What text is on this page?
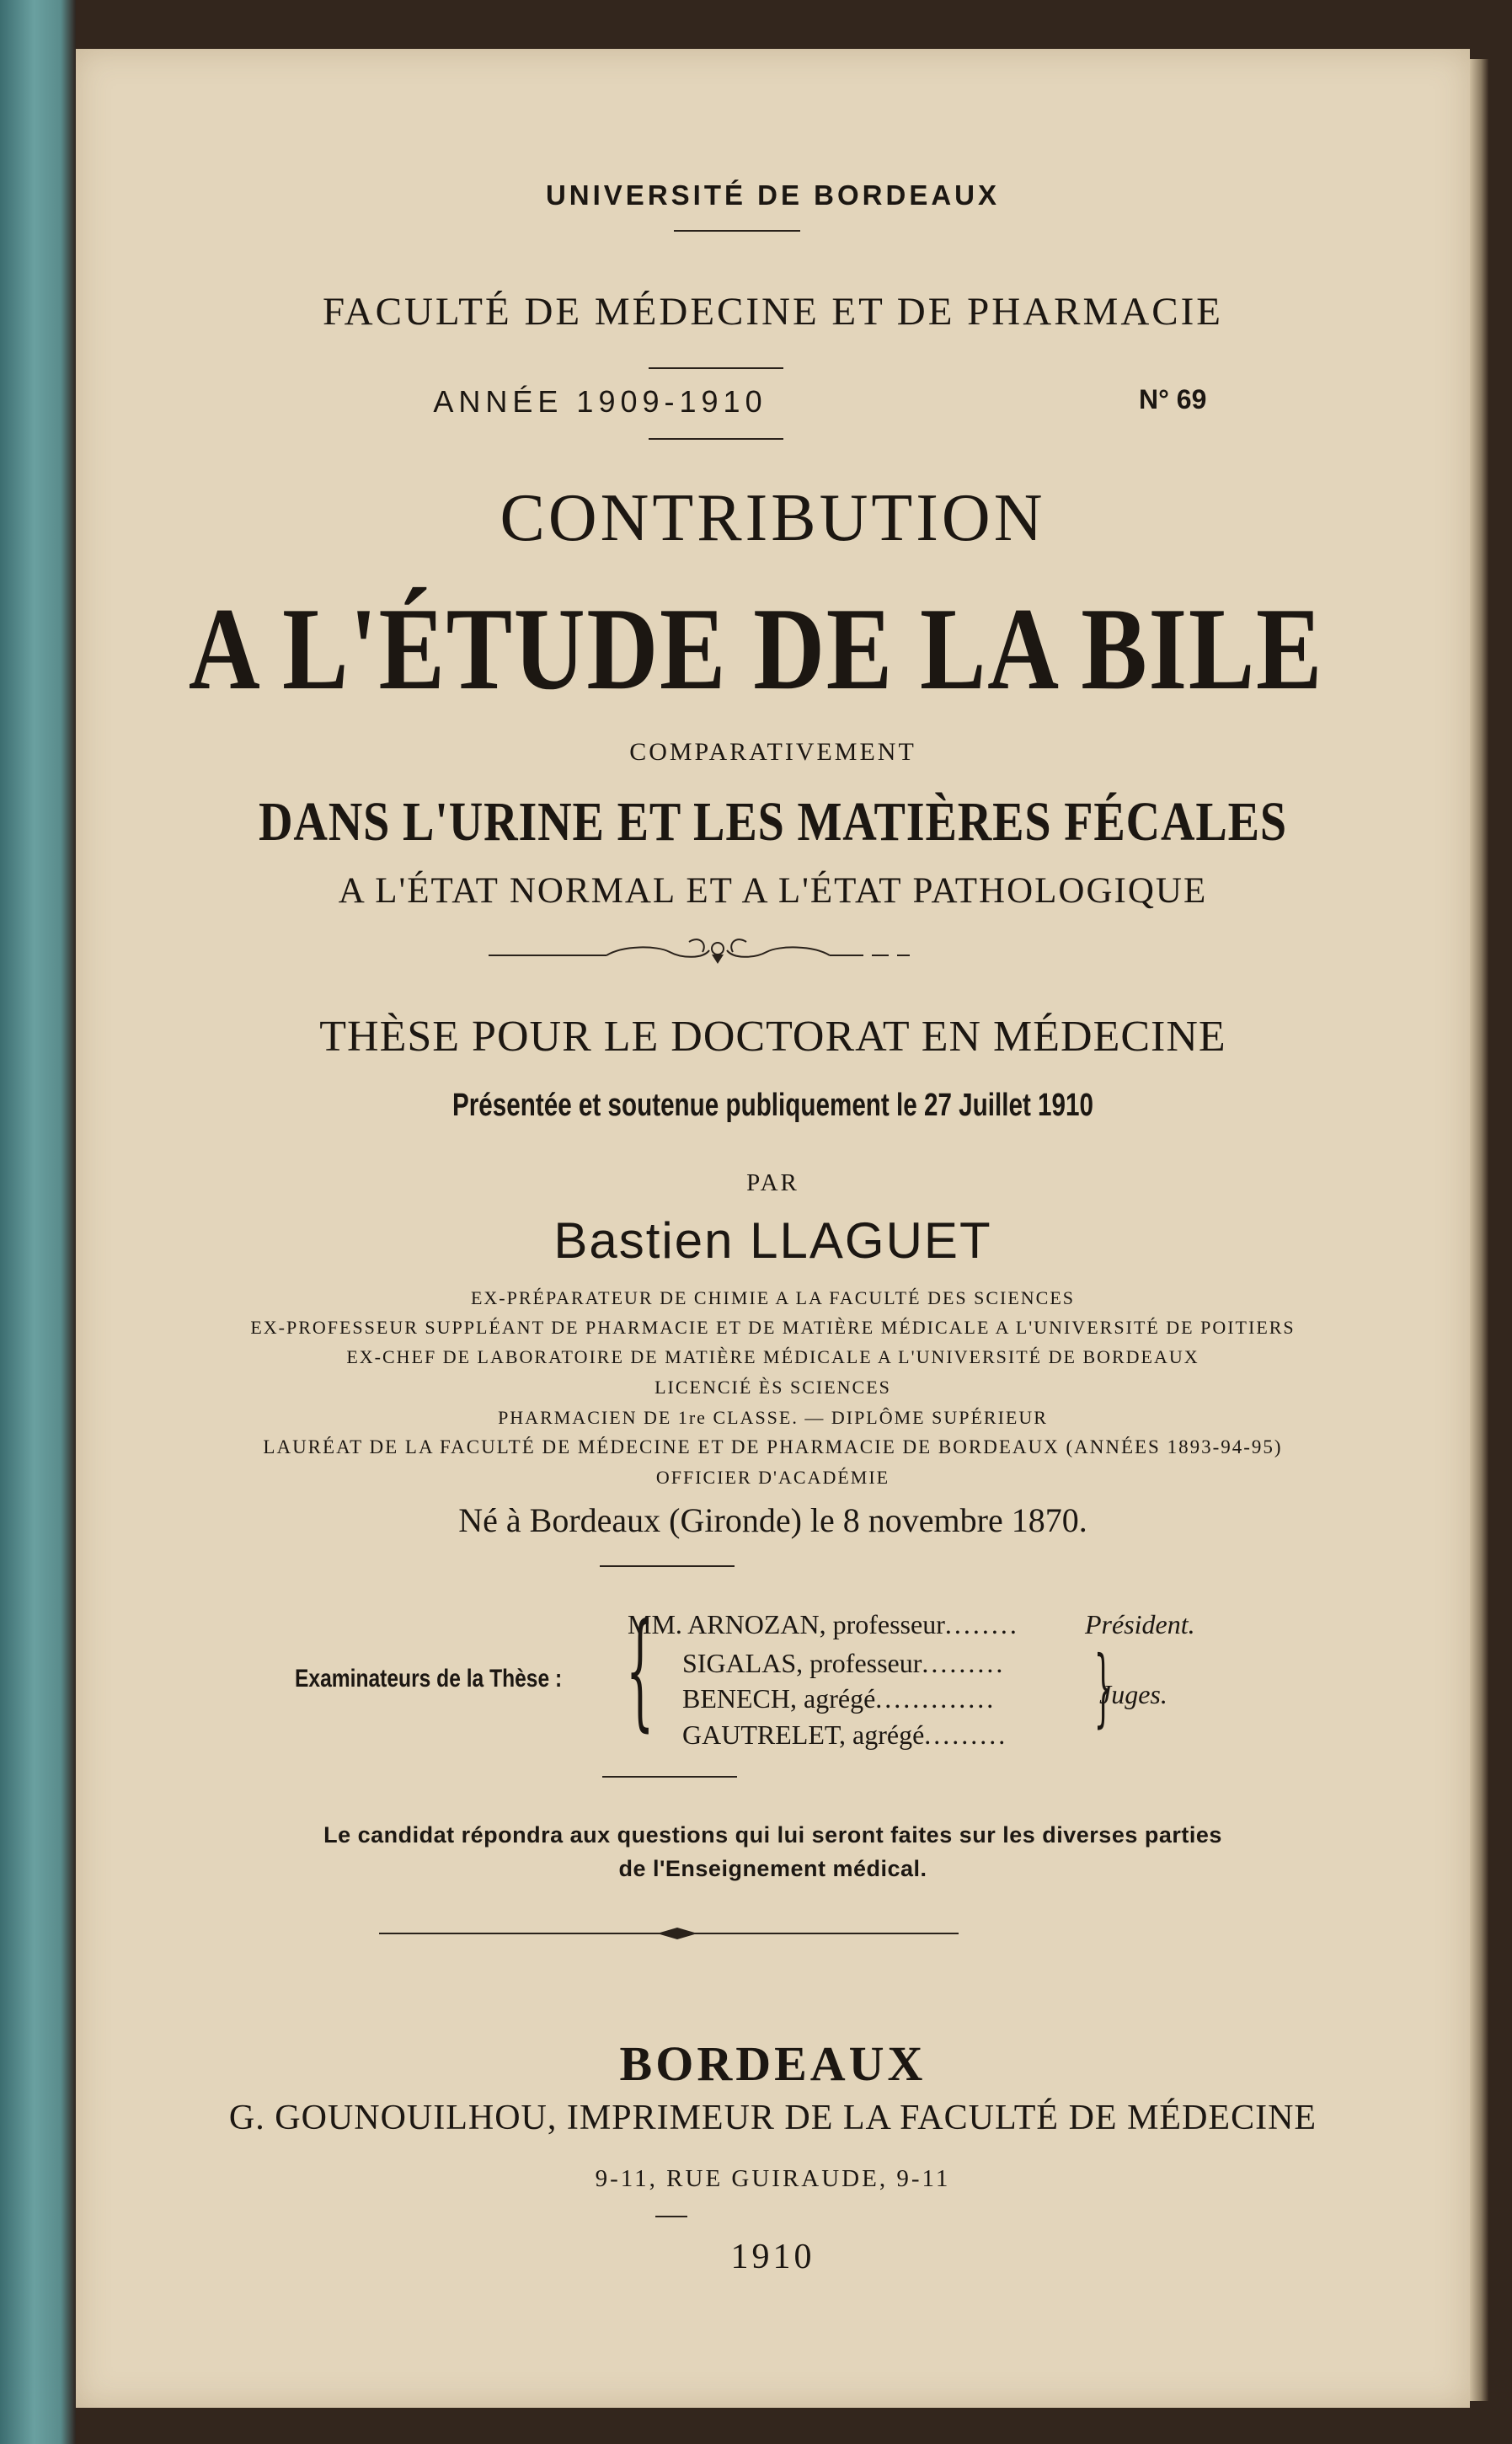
UNIVERSITÉ DE BORDEAUX
FACULTÉ DE MÉDECINE ET DE PHARMACIE
ANNÉE 1909-1910	N° 69
CONTRIBUTION
A L'ÉTUDE DE LA BILE
COMPARATIVEMENT
DANS L'URINE ET LES MATIÈRES FÉCALES
A L'ÉTAT NORMAL ET A L'ÉTAT PATHOLOGIQUE
THÈSE POUR LE DOCTORAT EN MÉDECINE
Présentée et soutenue publiquement le 27 Juillet 1910
PAR
Bastien LLAGUET
EX-PRÉPARATEUR DE CHIMIE A LA FACULTÉ DES SCIENCES
EX-PROFESSEUR SUPPLÉANT DE PHARMACIE ET DE MATIÈRE MÉDICALE A L'UNIVERSITÉ DE POITIERS
EX-CHEF DE LABORATOIRE DE MATIÈRE MÉDICALE A L'UNIVERSITÉ DE BORDEAUX
LICENCIÉ ÈS SCIENCES
PHARMACIEN DE 1re CLASSE. — DIPLÔME SUPÉRIEUR
LAURÉAT DE LA FACULTÉ DE MÉDECINE ET DE PHARMACIE DE BORDEAUX (ANNÉES 1893-94-95)
OFFICIER D'ACADÉMIE
Né à Bordeaux (Gironde) le 8 novembre 1870.
Examinateurs de la Thèse : {
MM. ARNOZAN, professeur........
SIGALAS, professeur.........
BENECH, agrégé.............
GAUTRELET, agrégé.........
Président.
}
Juges.
Le candidat répondra aux questions qui lui seront faites sur les diverses parties
de l'Enseignement médical.
BORDEAUX
G. GOUNOUILHOU, IMPRIMEUR DE LA FACULTÉ DE MÉDECINE
9-11, RUE GUIRAUDE, 9-11
1910
